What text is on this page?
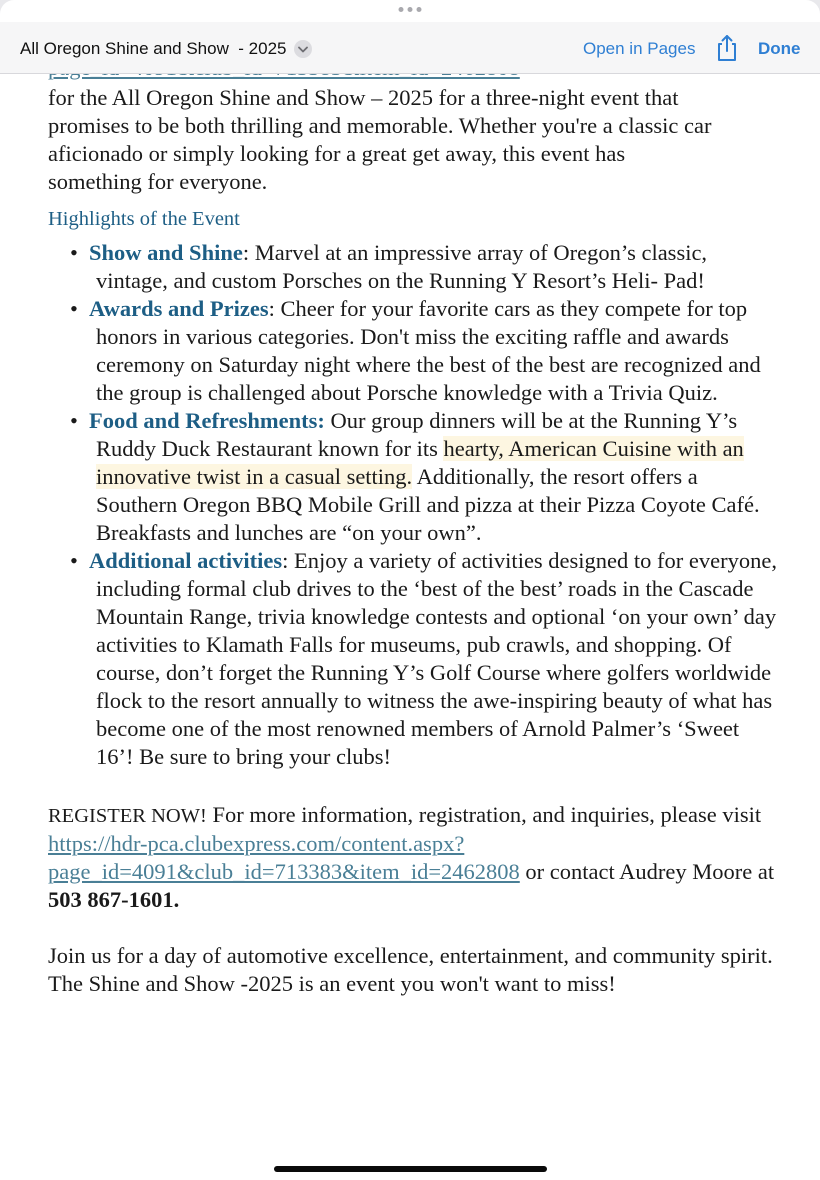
All Oregon Shine and Show  - 2025	Open in Pages	Done
for the All Oregon Shine and Show – 2025 for a three-night event that
promises to be both thrilling and memorable. Whether you're a classic car
aficionado or simply looking for a great get away, this event has
something for everyone.
Highlights of the Event
• Show and Shine: Marvel at an impressive array of Oregon’s classic, vintage, and custom Porsches on the Running Y Resort’s Heli- Pad!
• Awards and Prizes: Cheer for your favorite cars as they compete for top honors in various categories. Don't miss the exciting raffle and awards ceremony on Saturday night where the best of the best are recognized and the group is challenged about Porsche knowledge with a Trivia Quiz.
• Food and Refreshments: Our group dinners will be at the Running Y’s Ruddy Duck Restaurant known for its hearty, American Cuisine with an innovative twist in a casual setting. Additionally, the resort offers a Southern Oregon BBQ Mobile Grill and pizza at their Pizza Coyote Café. Breakfasts and lunches are “on your own”.
• Additional activities: Enjoy a variety of activities designed to for everyone, including formal club drives to the ‘best of the best’ roads in the Cascade Mountain Range, trivia knowledge contests and optional ‘on your own’ day activities to Klamath Falls for museums, pub crawls, and shopping. Of course, don’t forget the Running Y’s Golf Course where golfers worldwide flock to the resort annually to witness the awe-inspiring beauty of what has become one of the most renowned members of Arnold Palmer’s ‘Sweet 16’! Be sure to bring your clubs!
REGISTER NOW! For more information, registration, and inquiries, please visit https://hdr-pca.clubexpress.com/content.aspx?
page_id=4091&club_id=713383&item_id=2462808 or contact Audrey Moore at 503 867-1601.
Join us for a day of automotive excellence, entertainment, and community spirit.
The Shine and Show -2025 is an event you won't want to miss!
